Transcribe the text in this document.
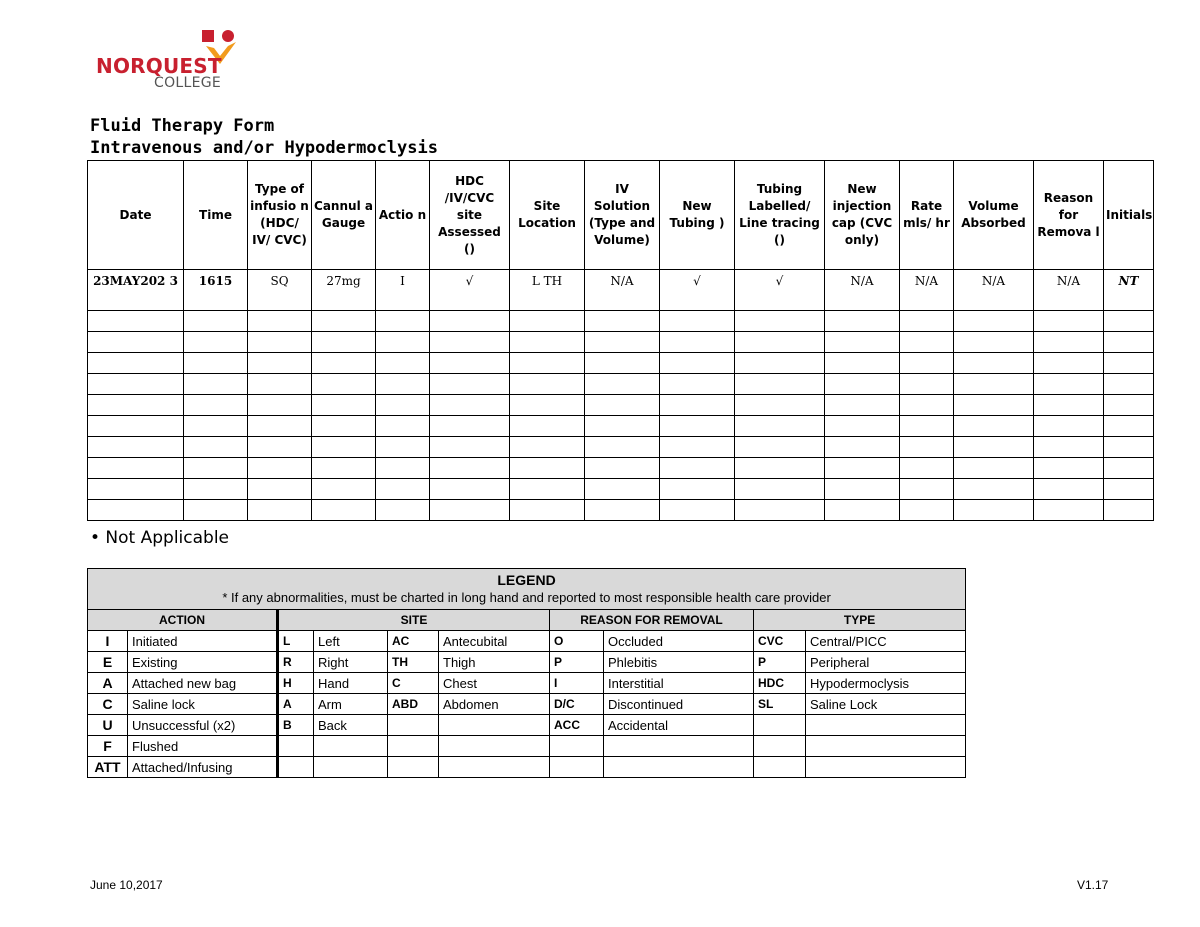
NORQUEST
COLLEGE
Fluid Therapy Form
Intravenous and/or Hypodermoclysis
Date	Time	Type of infusio n (HDC/ IV/ CVC)	Cannul a Gauge	Actio n	HDC /IV/CVC site Assessed ()	Site Location	IV Solution (Type and Volume)	New Tubing )	Tubing Labelled/ Line tracing ()	New injection cap (CVC only)	Rate mls/ hr	Volume Absorbed	Reason for Remova l	Initials
23MAY202 3	1615	SQ	27mg	I	√	L TH	N/A	√	√	N/A	N/A	N/A	N/A	NT

• Not Applicable
LEGEND
* If any abnormalities, must be charted in long hand and reported to most responsible health care provider									

ACTION		SITE				REASON FOR REMOVAL		TYPE	
I	Initiated	L	Left	AC	Antecubital	O	Occluded	CVC	Central/PICC
E	Existing	R	Right	TH	Thigh	P	Phlebitis	P	Peripheral
A	Attached new bag	H	Hand	C	Chest	I	Interstitial	HDC	Hypodermoclysis
C	Saline lock	A	Arm	ABD	Abdomen	D/C	Discontinued	SL	Saline Lock
U	Unsuccessful (x2)	B	Back			ACC	Accidental		
F	Flushed								
ATT	Attached/Infusing								
June 10,2017	V1.17
